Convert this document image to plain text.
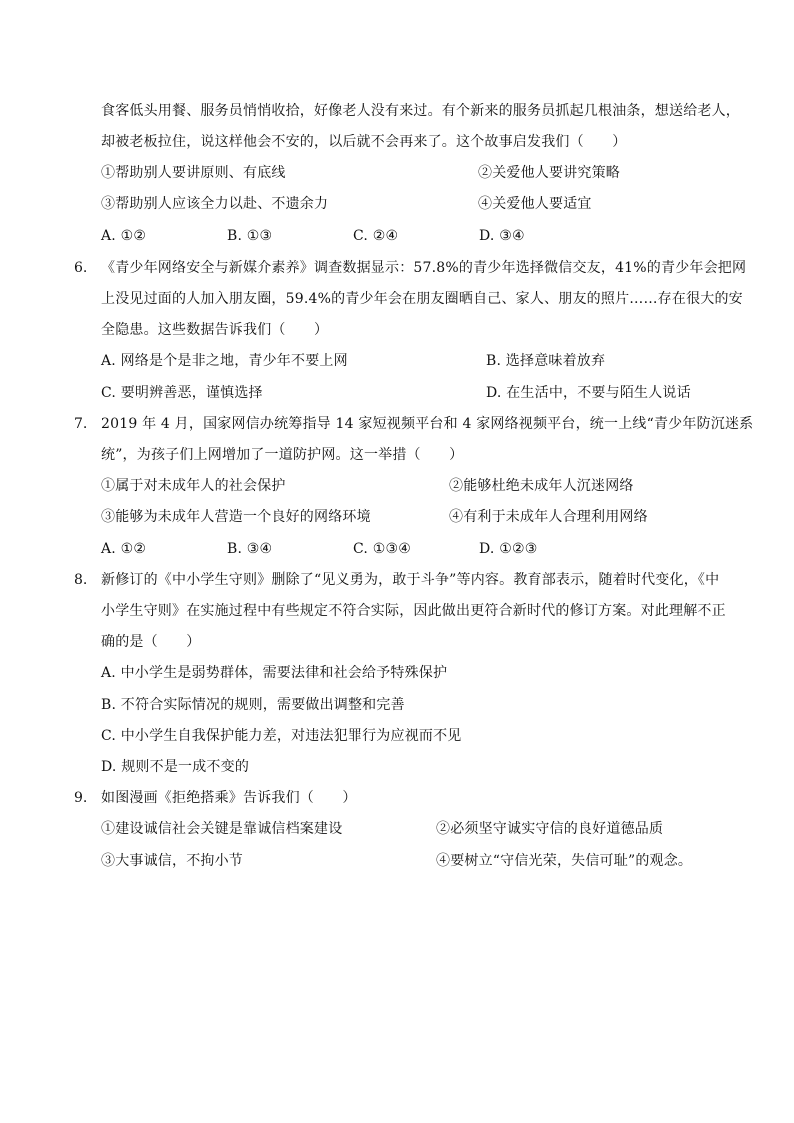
食客低头用餐、服务员悄悄收拾，好像老人没有来过。有个新来的服务员抓起几根油条，想送给老人，
却被老板拉住，说这样他会不安的，以后就不会再来了。这个故事启发我们（　　）
①帮助别人要讲原则、有底线	②关爱他人要讲究策略
③帮助别人应该全力以赴、不遗余力	④关爱他人要适宜
A. ①②	B. ①③	C. ②④	D. ③④
6. 《青少年网络安全与新媒介素养》调查数据显示：57.8%的青少年选择微信交友，41%的青少年会把网
上没见过面的人加入朋友圈，59.4%的青少年会在朋友圈晒自己、家人、朋友的照片……存在很大的安
全隐患。这些数据告诉我们（　　）
A. 网络是个是非之地，青少年不要上网	B. 选择意味着放弃
C. 要明辨善恶，谨慎选择	D. 在生活中，不要与陌生人说话
7. 2019 年 4 月，国家网信办统筹指导 14 家短视频平台和 4 家网络视频平台，统一上线“青少年防沉迷系
统”，为孩子们上网增加了一道防护网。这一举措（　　）
①属于对未成年人的社会保护	②能够杜绝未成年人沉迷网络
③能够为未成年人营造一个良好的网络环境	④有利于未成年人合理利用网络
A. ①②	B. ③④	C. ①③④	D. ①②③
8. 新修订的《中小学生守则》删除了“见义勇为，敢于斗争”等内容。教育部表示，随着时代变化，《中
小学生守则》在实施过程中有些规定不符合实际，因此做出更符合新时代的修订方案。对此理解不正
确的是（　　）
A. 中小学生是弱势群体，需要法律和社会给予特殊保护
B. 不符合实际情况的规则，需要做出调整和完善
C. 中小学生自我保护能力差，对违法犯罪行为应视而不见
D. 规则不是一成不变的
9. 如图漫画《拒绝搭乘》告诉我们（　　）
①建设诚信社会关键是靠诚信档案建设	②必须坚守诚实守信的良好道德品质
③大事诚信，不拘小节	④要树立“守信光荣，失信可耻”的观念。
